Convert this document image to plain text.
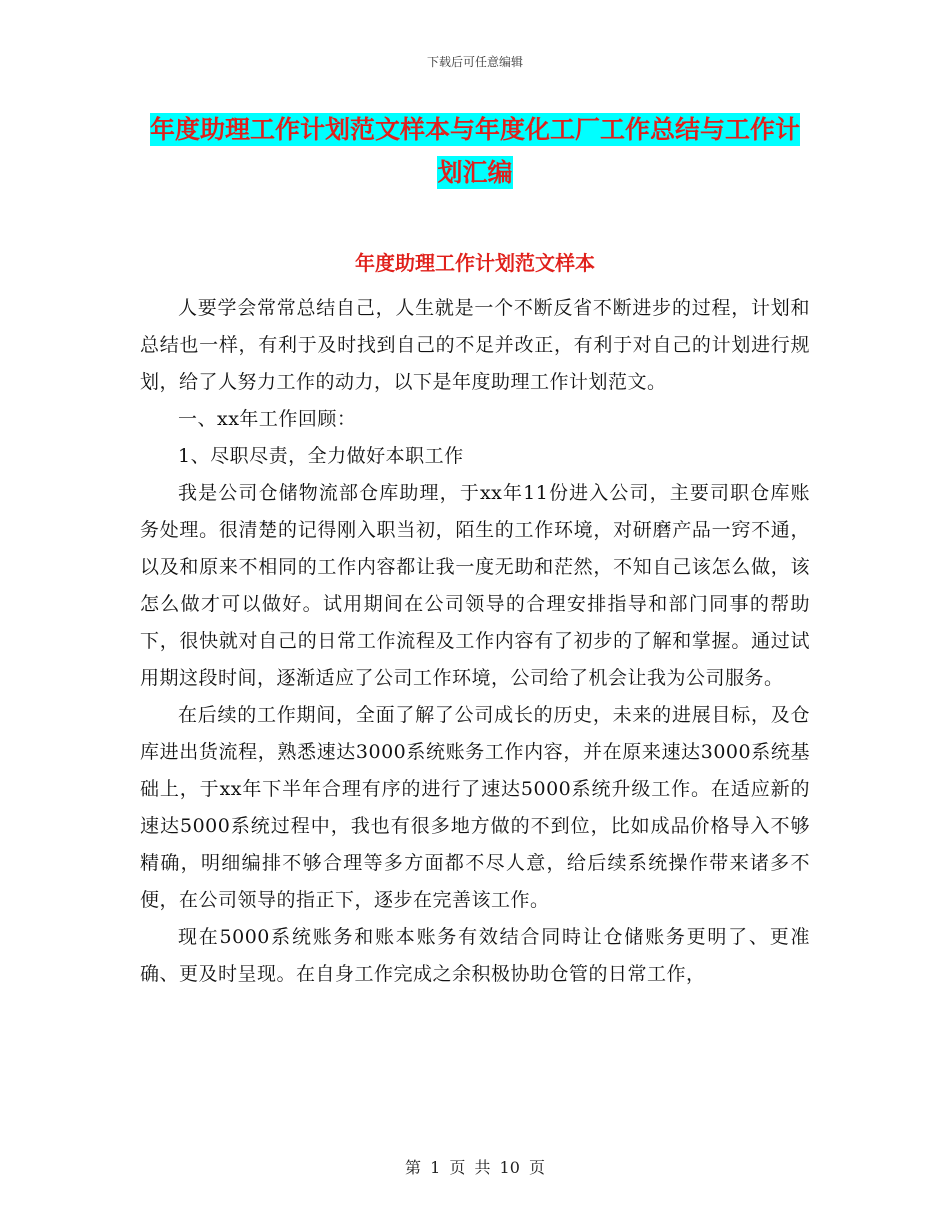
下载后可任意编辑
年度助理工作计划范文样本与年度化工厂工作总结与工作计划汇编
年度助理工作计划范文样本

人要学会常常总结自己，人生就是一个不断反省不断进步的过程，计划和总结也一样，有利于及时找到自己的不足并改正，有利于对自己的计划进行规划，给了人努力工作的动力，以下是年度助理工作计划范文。

一、xx年工作回顾：

1、尽职尽责，全力做好本职工作

我是公司仓储物流部仓库助理，于xx年11份进入公司，主要司职仓库账务处理。很清楚的记得刚入职当初，陌生的工作环境，对研磨产品一窍不通，以及和原来不相同的工作内容都让我一度无助和茫然，不知自己该怎么做，该怎么做才可以做好。试用期间在公司领导的合理安排指导和部门同事的帮助下，很快就对自己的日常工作流程及工作内容有了初步的了解和掌握。通过试用期这段时间，逐渐适应了公司工作环境，公司给了机会让我为公司服务。

在后续的工作期间，全面了解了公司成长的历史，未来的进展目标，及仓库进出货流程，熟悉速达3000系统账务工作内容，并在原来速达3000系统基础上，于xx年下半年合理有序的进行了速达5000系统升级工作。在适应新的速达5000系统过程中，我也有很多地方做的不到位，比如成品价格导入不够精确，明细编排不够合理等多方面都不尽人意，给后续系统操作带来诸多不便，在公司领导的指正下，逐步在完善该工作。

现在5000系统账务和账本账务有效结合同時让仓储账务更明了、更准确、更及时呈现。在自身工作完成之余积极协助仓管的日常工作，

第 1 页 共 10 页
